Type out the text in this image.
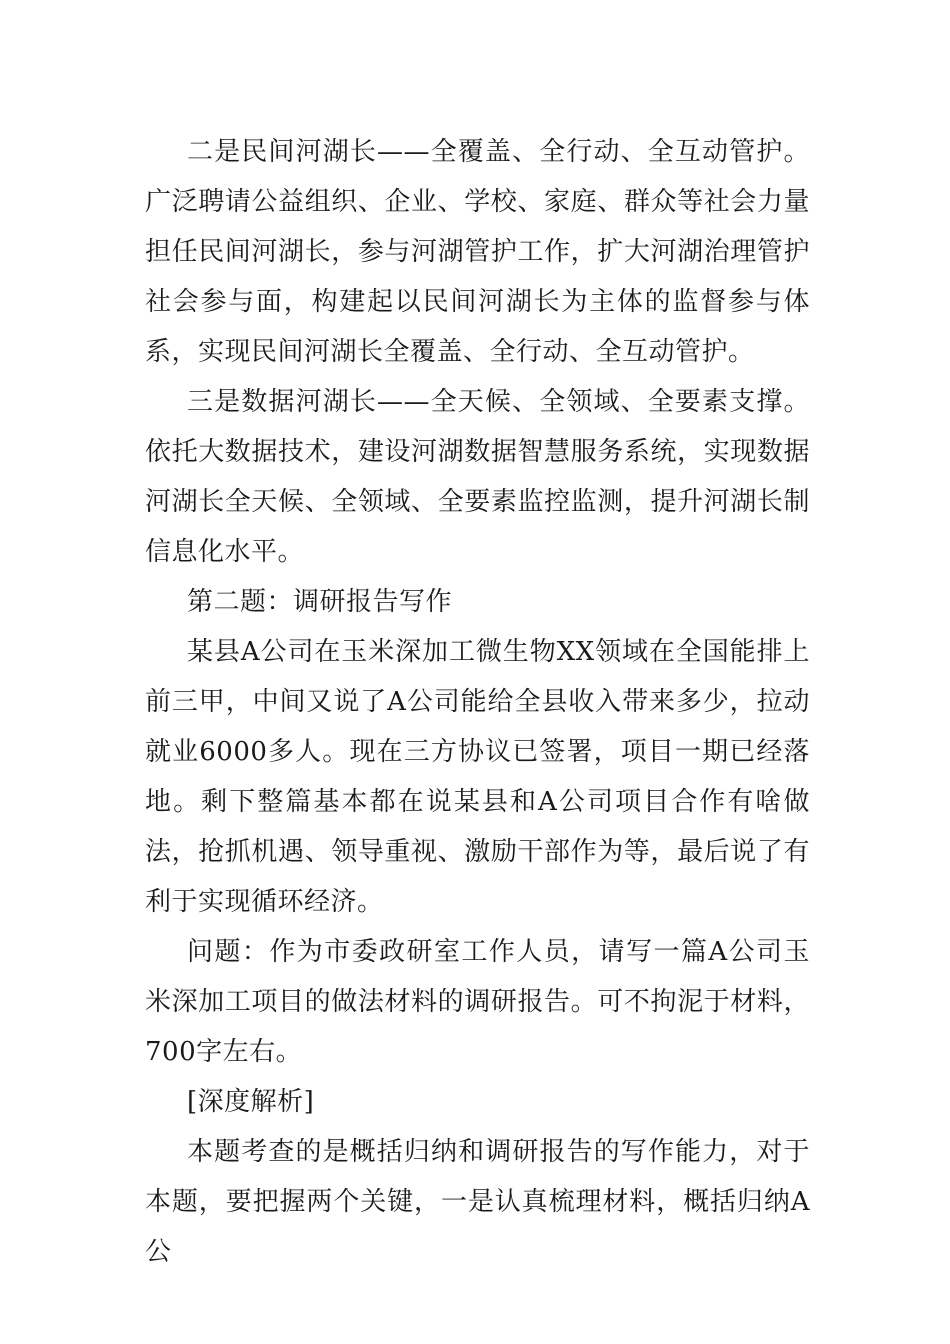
二是民间河湖长——全覆盖、全行动、全互动管护。广泛聘请公益组织、企业、学校、家庭、群众等社会力量担任民间河湖长，参与河湖管护工作，扩大河湖治理管护社会参与面，构建起以民间河湖长为主体的监督参与体系，实现民间河湖长全覆盖、全行动、全互动管护。

三是数据河湖长——全天候、全领域、全要素支撑。依托大数据技术，建设河湖数据智慧服务系统，实现数据河湖长全天候、全领域、全要素监控监测，提升河湖长制信息化水平。

第二题：调研报告写作

某县A公司在玉米深加工微生物XX领域在全国能排上前三甲，中间又说了A公司能给全县收入带来多少，拉动就业6000多人。现在三方协议已签署，项目一期已经落地。剩下整篇基本都在说某县和A公司项目合作有啥做法，抢抓机遇、领导重视、激励干部作为等，最后说了有利于实现循环经济。

问题：作为市委政研室工作人员，请写一篇A公司玉米深加工项目的做法材料的调研报告。可不拘泥于材料，700字左右。

[深度解析]

本题考查的是概括归纳和调研报告的写作能力，对于本题，要把握两个关键，一是认真梳理材料，概括归纳A公
